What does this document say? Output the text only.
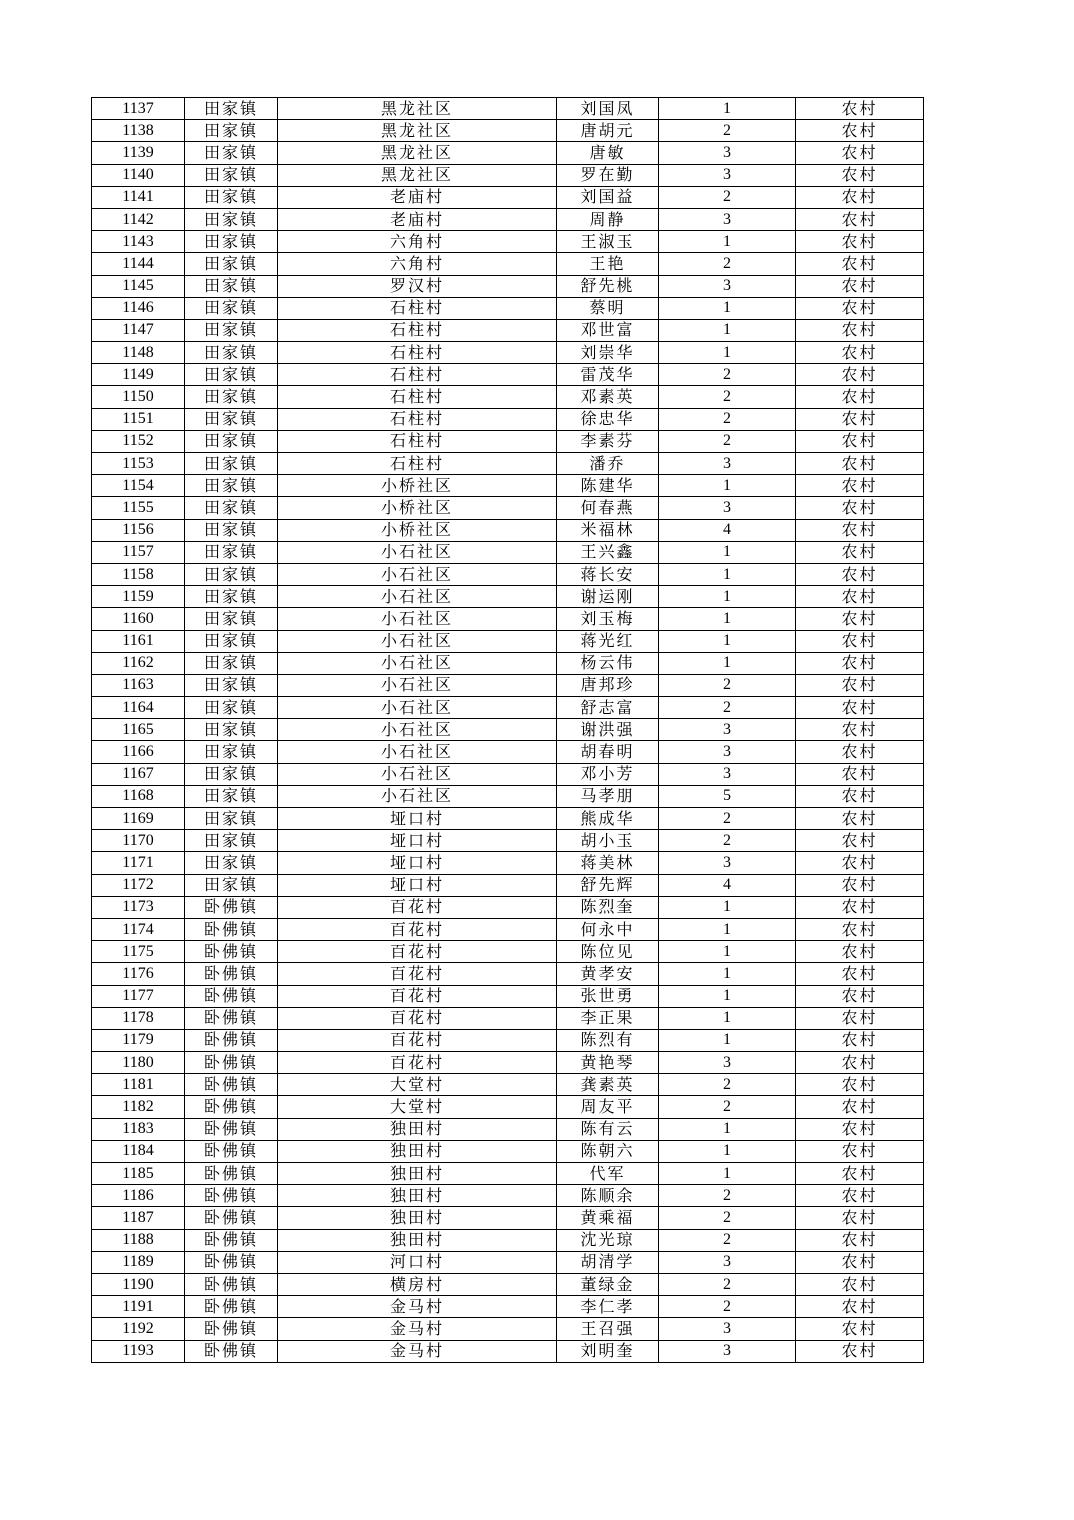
1137	田家镇	黑龙社区	刘国凤	1	农村
1138	田家镇	黑龙社区	唐胡元	2	农村
1139	田家镇	黑龙社区	唐敏	3	农村
1140	田家镇	黑龙社区	罗在勤	3	农村
1141	田家镇	老庙村	刘国益	2	农村
1142	田家镇	老庙村	周静	3	农村
1143	田家镇	六角村	王淑玉	1	农村
1144	田家镇	六角村	王艳	2	农村
1145	田家镇	罗汉村	舒先桃	3	农村
1146	田家镇	石柱村	蔡明	1	农村
1147	田家镇	石柱村	邓世富	1	农村
1148	田家镇	石柱村	刘崇华	1	农村
1149	田家镇	石柱村	雷茂华	2	农村
1150	田家镇	石柱村	邓素英	2	农村
1151	田家镇	石柱村	徐忠华	2	农村
1152	田家镇	石柱村	李素芬	2	农村
1153	田家镇	石柱村	潘乔	3	农村
1154	田家镇	小桥社区	陈建华	1	农村
1155	田家镇	小桥社区	何春燕	3	农村
1156	田家镇	小桥社区	米福林	4	农村
1157	田家镇	小石社区	王兴鑫	1	农村
1158	田家镇	小石社区	蒋长安	1	农村
1159	田家镇	小石社区	谢运刚	1	农村
1160	田家镇	小石社区	刘玉梅	1	农村
1161	田家镇	小石社区	蒋光红	1	农村
1162	田家镇	小石社区	杨云伟	1	农村
1163	田家镇	小石社区	唐邦珍	2	农村
1164	田家镇	小石社区	舒志富	2	农村
1165	田家镇	小石社区	谢洪强	3	农村
1166	田家镇	小石社区	胡春明	3	农村
1167	田家镇	小石社区	邓小芳	3	农村
1168	田家镇	小石社区	马孝朋	5	农村
1169	田家镇	垭口村	熊成华	2	农村
1170	田家镇	垭口村	胡小玉	2	农村
1171	田家镇	垭口村	蒋美林	3	农村
1172	田家镇	垭口村	舒先辉	4	农村
1173	卧佛镇	百花村	陈烈奎	1	农村
1174	卧佛镇	百花村	何永中	1	农村
1175	卧佛镇	百花村	陈位见	1	农村
1176	卧佛镇	百花村	黄孝安	1	农村
1177	卧佛镇	百花村	张世勇	1	农村
1178	卧佛镇	百花村	李正果	1	农村
1179	卧佛镇	百花村	陈烈有	1	农村
1180	卧佛镇	百花村	黄艳琴	3	农村
1181	卧佛镇	大堂村	龚素英	2	农村
1182	卧佛镇	大堂村	周友平	2	农村
1183	卧佛镇	独田村	陈有云	1	农村
1184	卧佛镇	独田村	陈朝六	1	农村
1185	卧佛镇	独田村	代军	1	农村
1186	卧佛镇	独田村	陈顺余	2	农村
1187	卧佛镇	独田村	黄乘福	2	农村
1188	卧佛镇	独田村	沈光琼	2	农村
1189	卧佛镇	河口村	胡清学	3	农村
1190	卧佛镇	横房村	董绿金	2	农村
1191	卧佛镇	金马村	李仁孝	2	农村
1192	卧佛镇	金马村	王召强	3	农村
1193	卧佛镇	金马村	刘明奎	3	农村
